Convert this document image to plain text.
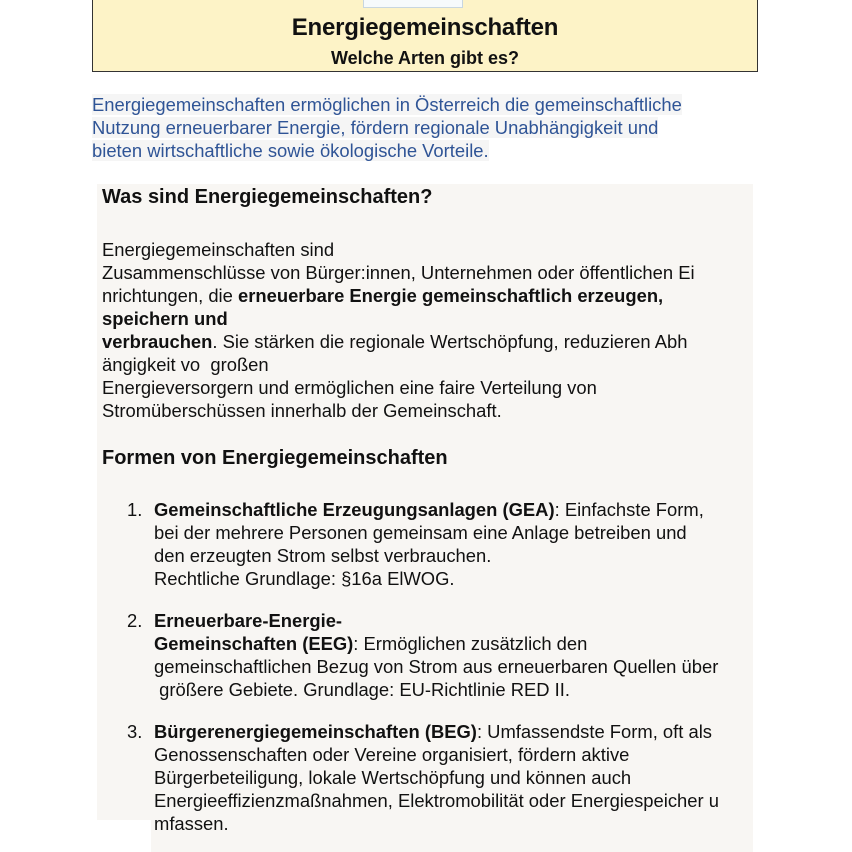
Energiegemeinschaften
Welche Arten gibt es?
Energiegemeinschaften ermöglichen in Österreich die gemeinschaftliche
Nutzung erneuerbarer Energie, fördern regionale Unabhängigkeit und
bieten wirtschaftliche sowie ökologische Vorteile.
Was sind Energiegemeinschaften?
Energiegemeinschaften sind
Zusammenschlüsse von Bürger:innen, Unternehmen oder öffentlichen Ei
nrichtungen, die erneuerbare Energie gemeinschaftlich erzeugen,
speichern und
verbrauchen. Sie stärken die regionale Wertschöpfung, reduzieren Abh
ängigkeit vo  großen
Energieversorgern und ermöglichen eine faire Verteilung von
Stromüberschüssen innerhalb der Gemeinschaft.
Formen von Energiegemeinschaften
1. Gemeinschaftliche Erzeugungsanlagen (GEA): Einfachste Form,
bei der mehrere Personen gemeinsam eine Anlage betreiben und
den erzeugten Strom selbst verbrauchen.
Rechtliche Grundlage: §16a ElWOG.
2. Erneuerbare-Energie-
Gemeinschaften (EEG): Ermöglichen zusätzlich den
gemeinschaftlichen Bezug von Strom aus erneuerbaren Quellen über
größere Gebiete. Grundlage: EU-Richtlinie RED II.
3. Bürgerenergiegemeinschaften (BEG): Umfassendste Form, oft als
Genossenschaften oder Vereine organisiert, fördern aktive
Bürgerbeteiligung, lokale Wertschöpfung und können auch
Energieeffizienzmaßnahmen, Elektromobilität oder Energiespeicher u
mfassen.
